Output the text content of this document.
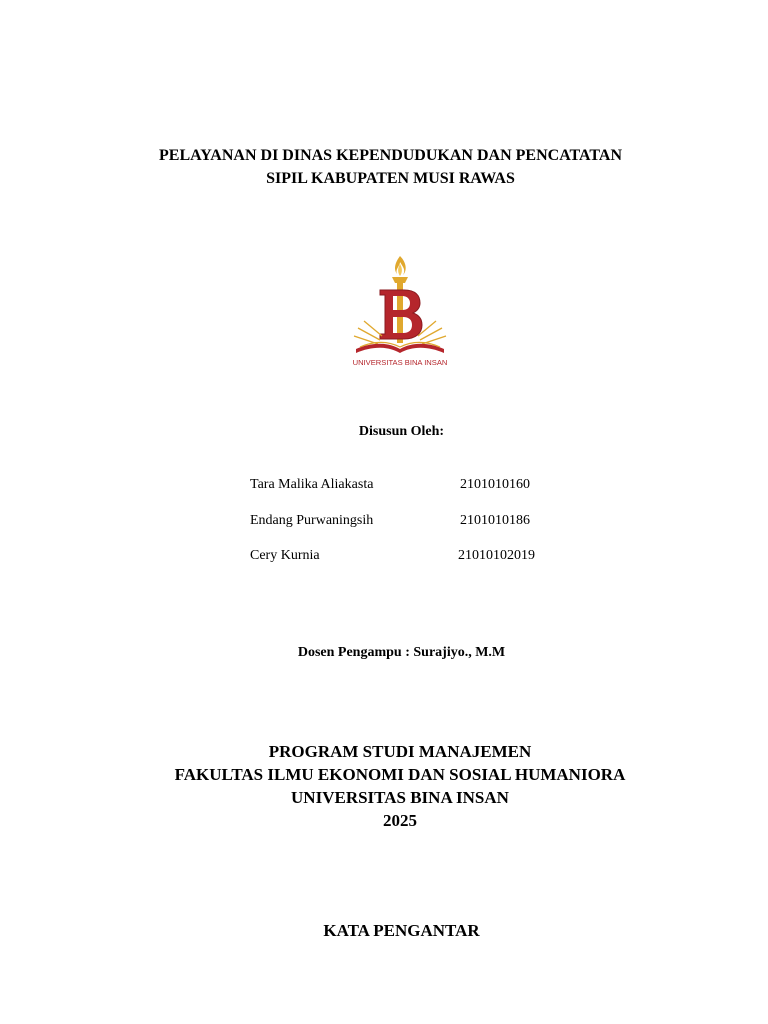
PELAYANAN DI DINAS KEPENDUDUKAN DAN PENCATATAN
SIPIL KABUPATEN MUSI RAWAS
UNIVERSITAS BINA INSAN
Disusun Oleh:
Tara Malika Aliakasta	2101010160
Endang Purwaningsih	2101010186
Cery Kurnia	21010102019
Dosen Pengampu : Surajiyo., M.M
PROGRAM STUDI MANAJEMEN
FAKULTAS ILMU EKONOMI DAN SOSIAL HUMANIORA
UNIVERSITAS BINA INSAN
2025
KATA PENGANTAR
